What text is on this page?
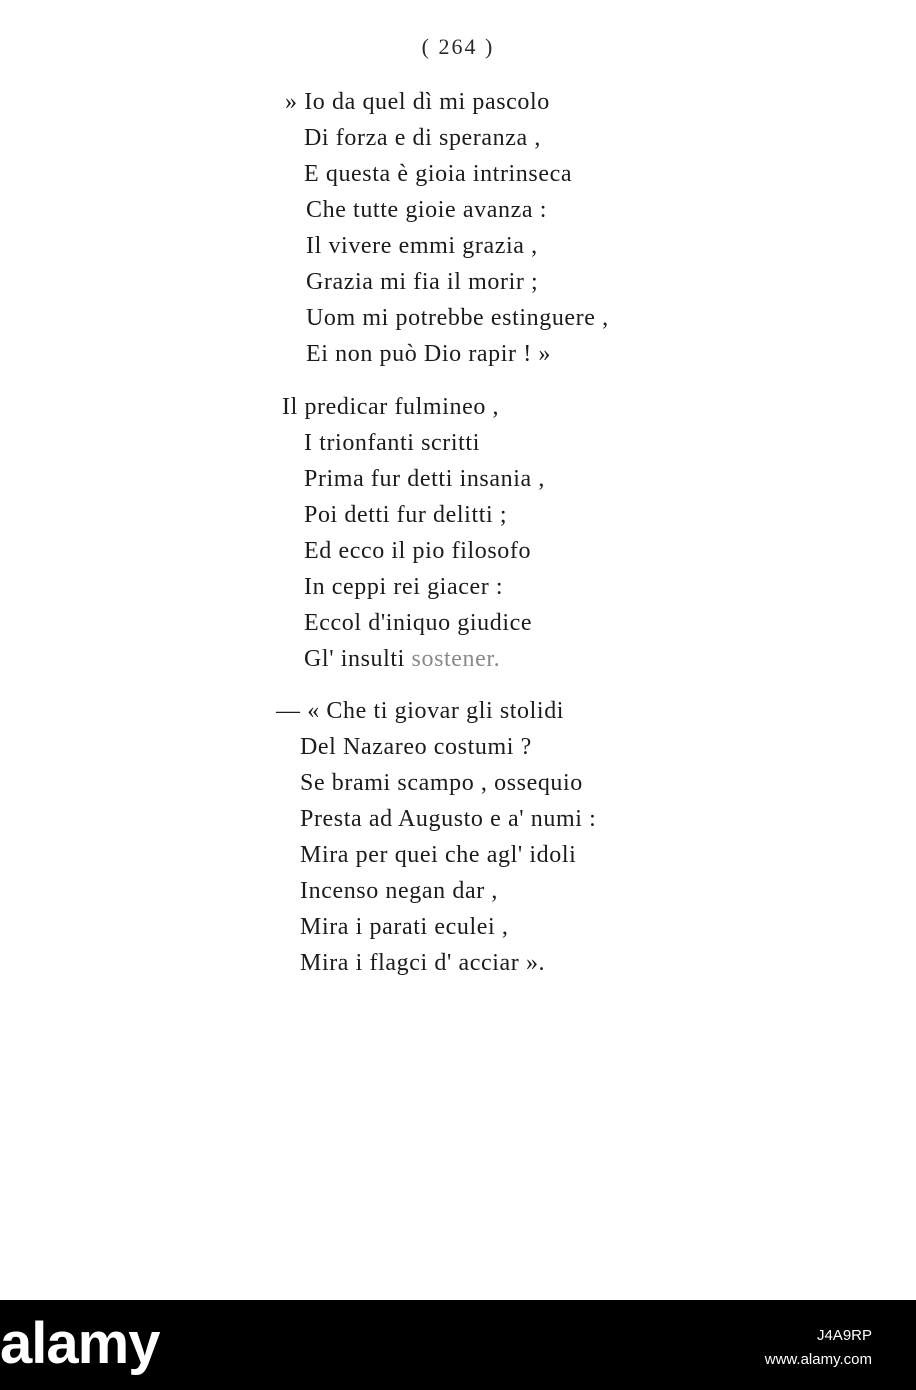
( 264 )
» Io da quel dì mi pascolo
Di forza e di speranza ,
E questa è gioia intrinseca
Che tutte gioie avanza :
Il vivere emmi grazia ,
Grazia mi fia il morir ;
Uom mi potrebbe estinguere ,
Ei non può Dio rapir ! »
Il predicar fulmineo ,
I trionfanti scritti
Prima fur detti insania ,
Poi detti fur delitti ;
Ed ecco il pio filosofo
In ceppi rei giacer :
Eccol d'iniquo giudice
Gl' insulti sostener.
— « Che ti giovar gli stolidi
Del Nazareo costumi ?
Se brami scampo , ossequio
Presta ad Augusto e a' numi :
Mira per quei che agl' idoli
Incenso negan dar ,
Mira i parati eculei ,
Mira i flagci d' acciar ».
alamy	J4A9RP
www.alamy.com
